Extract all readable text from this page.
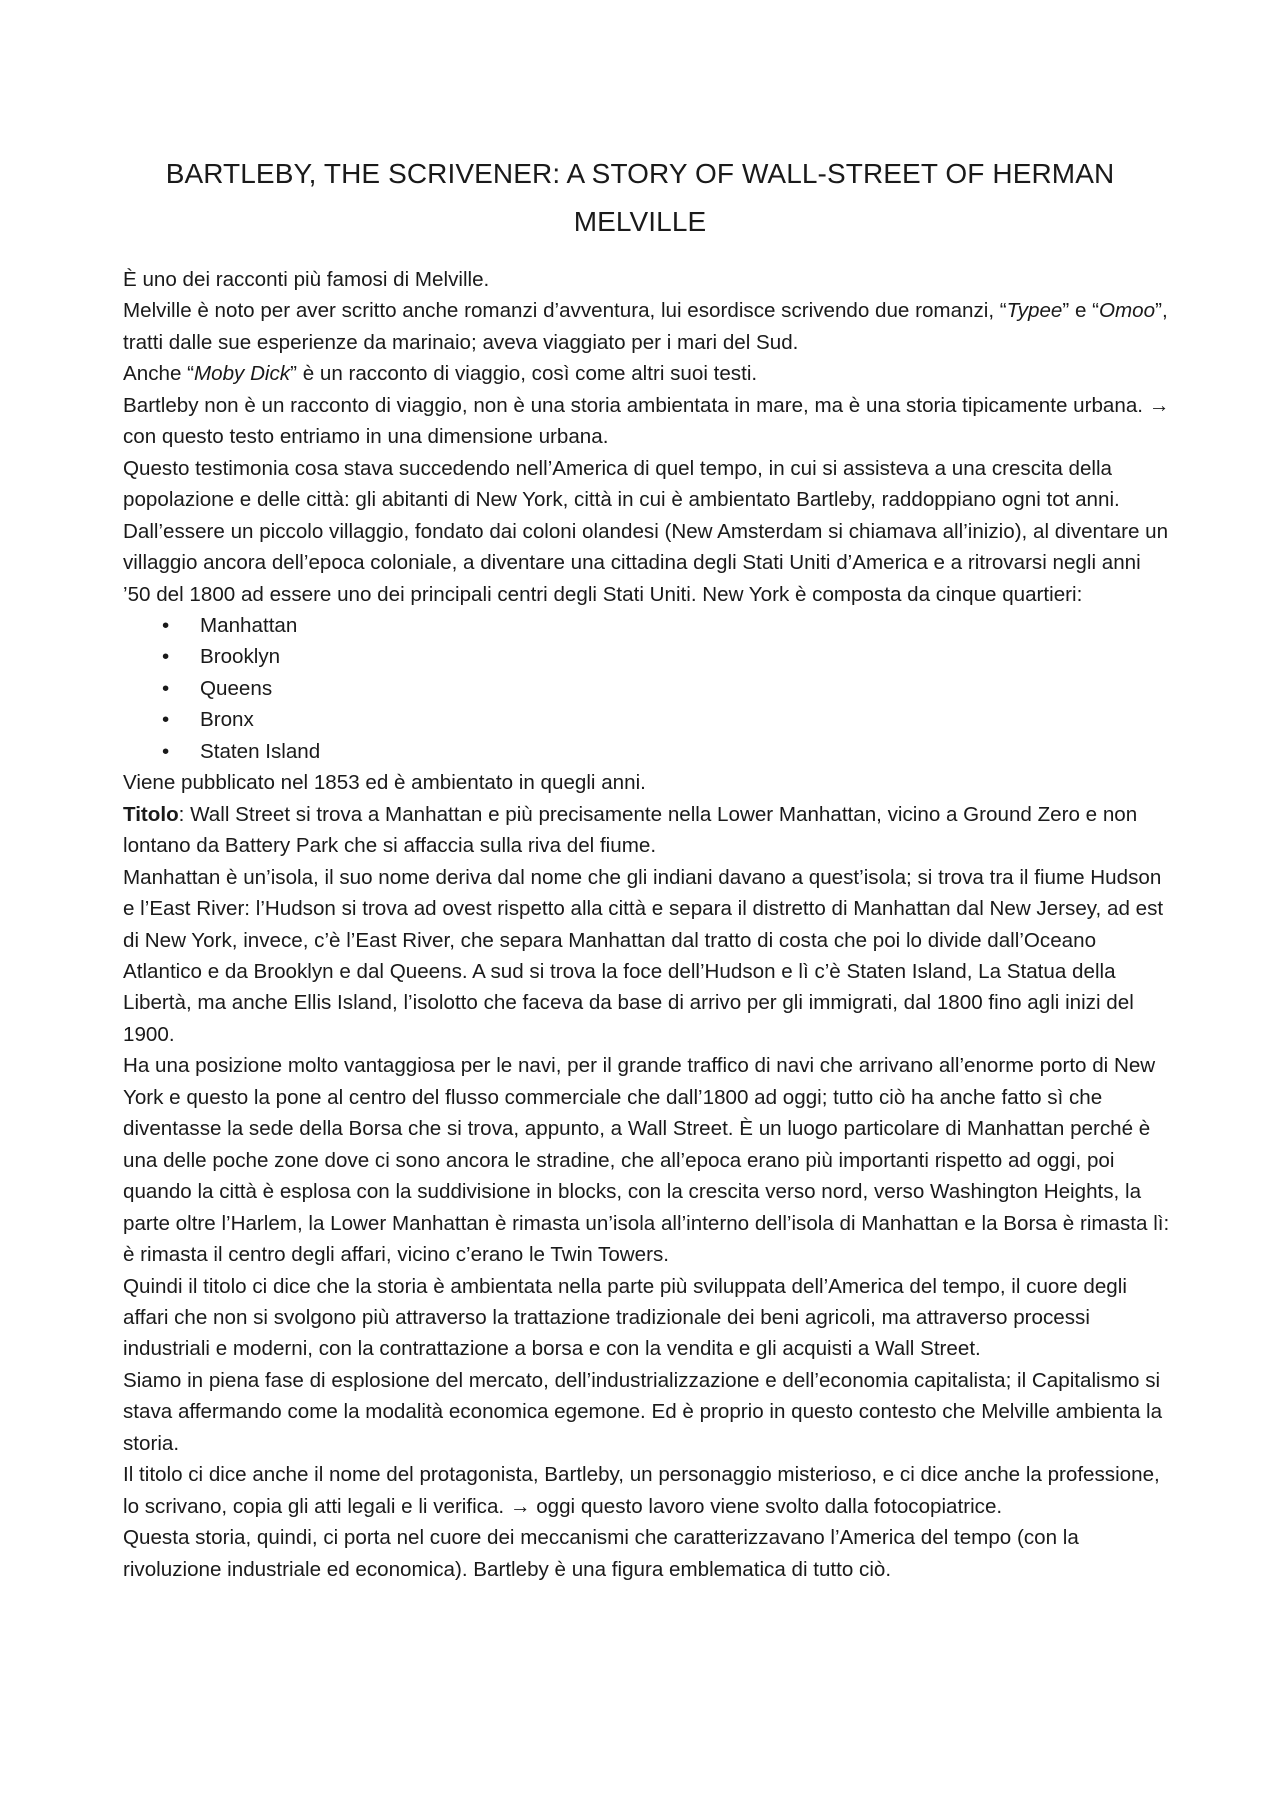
BARTLEBY, THE SCRIVENER: A STORY OF WALL-STREET OF HERMAN MELVILLE

È uno dei racconti più famosi di Melville.

Melville è noto per aver scritto anche romanzi d’avventura, lui esordisce scrivendo due romanzi, “Typee” e “Omoo”, tratti dalle sue esperienze da marinaio; aveva viaggiato per i mari del Sud.

Anche “Moby Dick” è un racconto di viaggio, così come altri suoi testi.

Bartleby non è un racconto di viaggio, non è una storia ambientata in mare, ma è una storia tipicamente urbana. → con questo testo entriamo in una dimensione urbana.

Questo testimonia cosa stava succedendo nell’America di quel tempo, in cui si assisteva a una crescita della popolazione e delle città: gli abitanti di New York, città in cui è ambientato Bartleby, raddoppiano ogni tot anni. Dall’essere un piccolo villaggio, fondato dai coloni olandesi (New Amsterdam si chiamava all’inizio), al diventare un villaggio ancora dell’epoca coloniale, a diventare una cittadina degli Stati Uniti d’America e a ritrovarsi negli anni ’50 del 1800 ad essere uno dei principali centri degli Stati Uniti. New York è composta da cinque quartieri:

• Manhattan
• Brooklyn
• Queens
• Bronx
• Staten Island

Viene pubblicato nel 1853 ed è ambientato in quegli anni.

Titolo: Wall Street si trova a Manhattan e più precisamente nella Lower Manhattan, vicino a Ground Zero e non lontano da Battery Park che si affaccia sulla riva del fiume.

Manhattan è un’isola, il suo nome deriva dal nome che gli indiani davano a quest’isola; si trova tra il fiume Hudson e l’East River: l’Hudson si trova ad ovest rispetto alla città e separa il distretto di Manhattan dal New Jersey, ad est di New York, invece, c’è l’East River, che separa Manhattan dal tratto di costa che poi lo divide dall’Oceano Atlantico e da Brooklyn e dal Queens. A sud si trova la foce dell’Hudson e lì c’è Staten Island, La Statua della Libertà, ma anche Ellis Island, l’isolotto che faceva da base di arrivo per gli immigrati, dal 1800 fino agli inizi del 1900.

Ha una posizione molto vantaggiosa per le navi, per il grande traffico di navi che arrivano all’enorme porto di New York e questo la pone al centro del flusso commerciale che dall’1800 ad oggi; tutto ciò ha anche fatto sì che diventasse la sede della Borsa che si trova, appunto, a Wall Street. È un luogo particolare di Manhattan perché è una delle poche zone dove ci sono ancora le stradine, che all’epoca erano più importanti rispetto ad oggi, poi quando la città è esplosa con la suddivisione in blocks, con la crescita verso nord, verso Washington Heights, la parte oltre l’Harlem, la Lower Manhattan è rimasta un’isola all’interno dell’isola di Manhattan e la Borsa è rimasta lì: è rimasta il centro degli affari, vicino c’erano le Twin Towers.

Quindi il titolo ci dice che la storia è ambientata nella parte più sviluppata dell’America del tempo, il cuore degli affari che non si svolgono più attraverso la trattazione tradizionale dei beni agricoli, ma attraverso processi industriali e moderni, con la contrattazione a borsa e con la vendita e gli acquisti a Wall Street.

Siamo in piena fase di esplosione del mercato, dell’industrializzazione e dell’economia capitalista; il Capitalismo si stava affermando come la modalità economica egemone. Ed è proprio in questo contesto che Melville ambienta la storia.

Il titolo ci dice anche il nome del protagonista, Bartleby, un personaggio misterioso, e ci dice anche la professione, lo scrivano, copia gli atti legali e li verifica. → oggi questo lavoro viene svolto dalla fotocopiatrice.

Questa storia, quindi, ci porta nel cuore dei meccanismi che caratterizzavano l’America del tempo (con la rivoluzione industriale ed economica). Bartleby è una figura emblematica di tutto ciò.
